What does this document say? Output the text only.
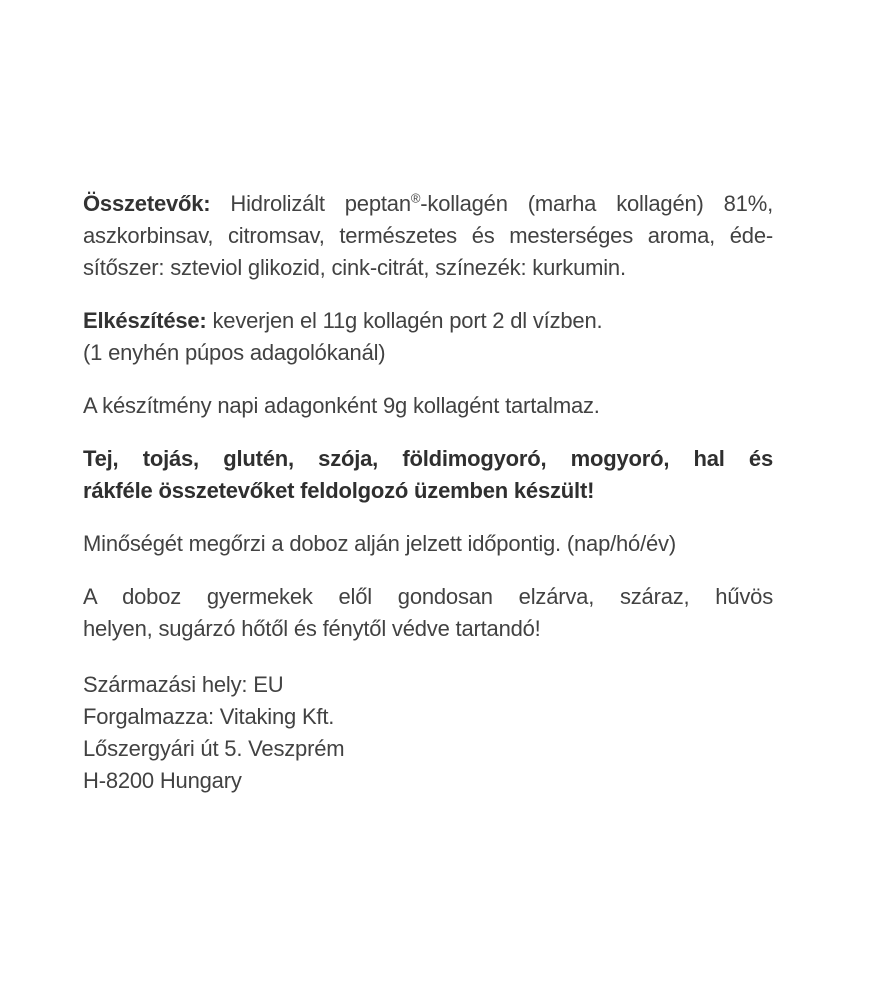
Összetevők: Hidrolizált peptan®-kollagén (marha kollagén) 81%,
aszkorbinsav, citromsav, természetes és mesterséges aroma, éde-
sítőszer: szteviol glikozid, cink-citrát, színezék: kurkumin.

Elkészítése: keverjen el 11g kollagén port 2 dl vízben.
(1 enyhén púpos adagolókanál)

A készítmény napi adagonként 9g kollagént tartalmaz.

Tej, tojás, glutén, szója, földimogyoró, mogyoró, hal és
rákféle összetevőket feldolgozó üzemben készült!

Minőségét megőrzi a doboz alján jelzett időpontig. (nap/hó/év)

A doboz gyermekek elől gondosan elzárva, száraz, hűvös
helyen, sugárzó hőtől és fénytől védve tartandó!

Származási hely: EU
Forgalmazza: Vitaking Kft.
Lőszergyári út 5. Veszprém
H-8200 Hungary
